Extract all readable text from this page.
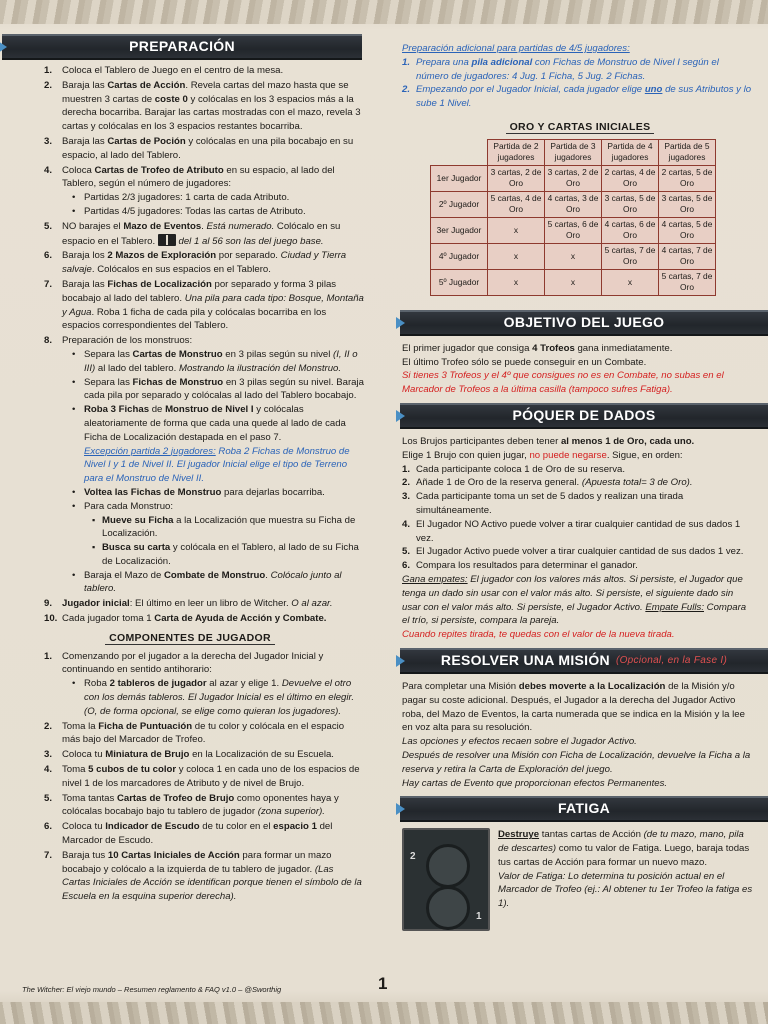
PREPARACIÓN
1. Coloca el Tablero de Juego en el centro de la mesa.
2. Baraja las Cartas de Acción. Revela cartas del mazo hasta que se muestren 3 cartas de coste 0 y colócalas en los 3 espacios más a la derecha bocarriba. Barajar las cartas mostradas con el mazo, revela 3 cartas y colócalas en los 3 espacios restantes bocarriba.
3. Baraja las Cartas de Poción y colócalas en una pila bocabajo en su espacio, al lado del Tablero.
4. Coloca Cartas de Trofeo de Atributo en su espacio, al lado del Tablero, según el número de jugadores:
• Partidas 2/3 jugadores: 1 carta de cada Atributo.
• Partidas 4/5 jugadores: Todas las cartas de Atributo.
5. NO barajes el Mazo de Eventos. Está numerado. Colócalo en su espacio en el Tablero.  del 1 al 56 son las del juego base.
6. Baraja los 2 Mazos de Exploración por separado. Ciudad y Tierra salvaje. Colócalos en sus espacios en el Tablero.
7. Baraja las Fichas de Localización por separado y forma 3 pilas bocabajo al lado del tablero. Una pila para cada tipo: Bosque, Montaña y Agua. Roba 1 ficha de cada pila y colócalas bocarriba en los espacios correspondientes del Tablero.
8. Preparación de los monstruos:
• Separa las Cartas de Monstruo en 3 pilas según su nivel (I, II o III) al lado del tablero. Mostrando la ilustración del Monstruo.
• Separa las Fichas de Monstruo en 3 pilas según su nivel. Baraja cada pila por separado y colócalas al lado del Tablero bocabajo.
• Roba 3 Fichas de Monstruo de Nivel I y colócalas aleatoriamente de forma que cada una quede al lado de cada Ficha de Localización destapada en el paso 7.
Excepción partida 2 jugadores: Roba 2 Fichas de Monstruo de Nivel I y 1 de Nivel II. El jugador Inicial elige el tipo de Terreno para el Monstruo de Nivel II.
• Voltea las Fichas de Monstruo para dejarlas bocarriba.
• Para cada Monstruo:
▪ Mueve su Ficha a la Localización que muestra su Ficha de Localización.
▪ Busca su carta y colócala en el Tablero, al lado de su Ficha de Localización.
• Baraja el Mazo de Combate de Monstruo. Colócalo junto al tablero.
9. Jugador inicial: El último en leer un libro de Witcher. O al azar.
10. Cada jugador toma 1 Carta de Ayuda de Acción y Combate.
COMPONENTES DE JUGADOR
1. Comenzando por el jugador a la derecha del Jugador Inicial y continuando en sentido antihorario:
• Roba 2 tableros de jugador al azar y elige 1. Devuelve el otro con los demás tableros. El Jugador Inicial es el último en elegir. (O, de forma opcional, se elige como quieran los jugadores).
2. Toma la Ficha de Puntuación de tu color y colócala en el espacio más bajo del Marcador de Trofeo.
3. Coloca tu Miniatura de Brujo en la Localización de su Escuela.
4. Toma 5 cubos de tu color y coloca 1 en cada uno de los espacios de nivel 1 de los marcadores de Atributo y de nivel de Brujo.
5. Toma tantas Cartas de Trofeo de Brujo como oponentes haya y colócalas bocabajo bajo tu tablero de jugador (zona superior).
6. Coloca tu Indicador de Escudo de tu color en el espacio 1 del Marcador de Escudo.
7. Baraja tus 10 Cartas Iniciales de Acción para formar un mazo bocabajo y colócalo a la izquierda de tu tablero de jugador. (Las Cartas Iniciales de Acción se identifican porque tienen el símbolo de la Escuela en la esquina superior derecha).
Preparación adicional para partidas de 4/5 jugadores:
1. Prepara una pila adicional con Fichas de Monstruo de Nivel I según el número de jugadores: 4 Jug. 1 Ficha, 5 Jug. 2 Fichas.
2. Empezando por el Jugador Inicial, cada jugador elige uno de sus Atributos y lo sube 1 Nivel.
ORO Y CARTAS INICIALES
	Partida de 2 jugadores	Partida de 3 jugadores	Partida de 4 jugadores	Partida de 5 jugadores
1er Jugador	3 cartas, 2 de Oro	3 cartas, 2 de Oro	2 cartas, 4 de Oro	2 cartas, 5 de Oro
2º Jugador	5 cartas, 4 de Oro	4 cartas, 3 de Oro	3 cartas, 5 de Oro	3 cartas, 5 de Oro
3er Jugador	x	5 cartas, 6 de Oro	4 cartas, 6 de Oro	4 cartas, 5 de Oro
4º Jugador	x	x	5 cartas, 7 de Oro	4 cartas, 7 de Oro
5º Jugador	x	x	x	5 cartas, 7 de Oro
OBJETIVO DEL JUEGO
El primer jugador que consiga 4 Trofeos gana inmediatamente.
El último Trofeo sólo se puede conseguir en un Combate.
Si tienes 3 Trofeos y el 4º que consigues no es en Combate, no subas en el Marcador de Trofeos a la última casilla (tampoco sufres Fatiga).
PÓQUER DE DADOS
Los Brujos participantes deben tener al menos 1 de Oro, cada uno.
Elige 1 Brujo con quien jugar, no puede negarse. Sigue, en orden:
1. Cada participante coloca 1 de Oro de su reserva.
2. Añade 1 de Oro de la reserva general. (Apuesta total= 3 de Oro).
3. Cada participante toma un set de 5 dados y realizan una tirada simultáneamente.
4. El Jugador NO Activo puede volver a tirar cualquier cantidad de sus dados 1 vez.
5. El Jugador Activo puede volver a tirar cualquier cantidad de sus dados 1 vez.
6. Compara los resultados para determinar el ganador.
Gana empates: El jugador con los valores más altos. Si persiste, el Jugador que tenga un dado sin usar con el valor más alto. Si persiste, el siguiente dado sin usar con el valor más alto. Si persiste, el Jugador Activo. Empate Fulls: Compara el trío, si persiste, compara la pareja.
Cuando repites tirada, te quedas con el valor de la nueva tirada.
RESOLVER UNA MISIÓN (Opcional, en la Fase I)
Para completar una Misión debes moverte a la Localización de la Misión y/o pagar su coste adicional. Después, el Jugador a la derecha del Jugador Activo roba, del Mazo de Eventos, la carta numerada que se indica en la Misión y la lee en voz alta para su resolución.
Las opciones y efectos recaen sobre el Jugador Activo.
Después de resolver una Misión con Ficha de Localización, devuelve la Ficha a la reserva y retira la Carta de Exploración del juego.
Hay cartas de Evento que proporcionan efectos Permanentes.
FATIGA
2
1
Destruye tantas cartas de Acción (de tu mazo, mano, pila de descartes) como tu valor de Fatiga. Luego, baraja todas tus cartas de Acción para formar un nuevo mazo.
Valor de Fatiga: Lo determina tu posición actual en el Marcador de Trofeo (ej.: Al obtener tu 1er Trofeo la fatiga es 1).
The Witcher: El viejo mundo – Resumen reglamento & FAQ v1.0 – @Sworthig	1
